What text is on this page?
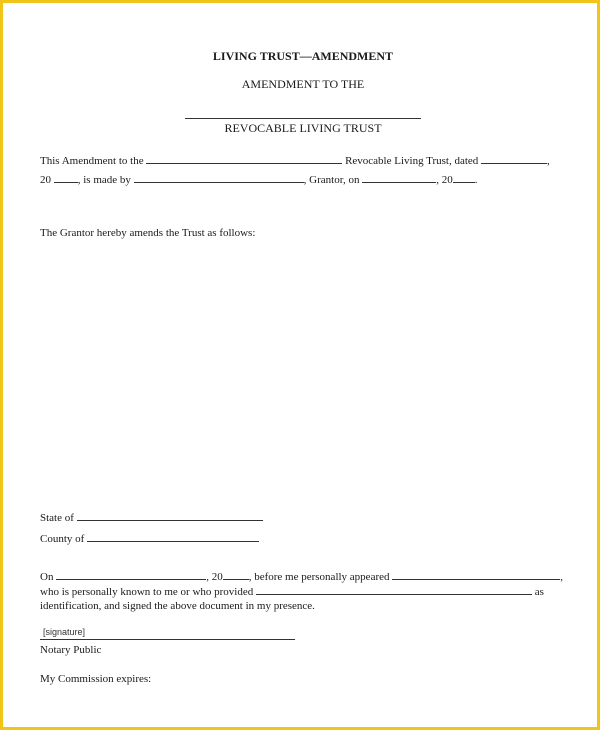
LIVING TRUST—AMENDMENT
AMENDMENT TO THE
REVOCABLE LIVING TRUST
This Amendment to the	Revocable Living Trust, dated	,
20 , is made by	, Grantor, on	, 20 .
The Grantor hereby amends the Trust as follows:
State of
County of
On	, 20 , before me personally appeared	,
who is personally known to me or who provided	as
identification, and signed the above document in my presence.
[signature]
Notary Public
My Commission expires:
